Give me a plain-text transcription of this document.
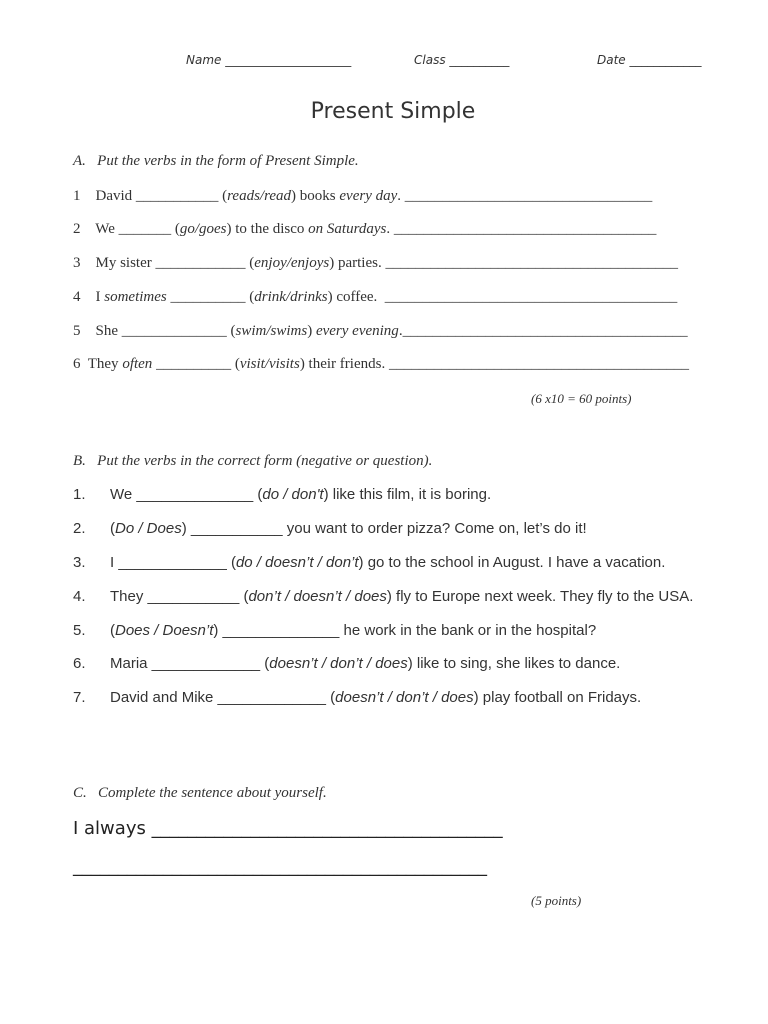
Name _____________________	Class __________	Date ____________
Present Simple
A. Put the verbs in the form of Present Simple.
1 David ___________ (reads/read) books every day. _________________________________
2 We _______ (go/goes) to the disco on Saturdays. ___________________________________
3 My sister ____________ (enjoy/enjoys) parties. _______________________________________
4 I sometimes __________ (drink/drinks) coffee.  _______________________________________
5 She ______________ (swim/swims) every evening.______________________________________
6 They often __________ (visit/visits) their friends. ________________________________________
(6 x10 = 60 points)
B. Put the verbs in the correct form (negative or question).
1. We ______________ (do / don't) like this film, it is boring.
2. (Do / Does) ___________ you want to order pizza? Come on, let’s do it!
3. I _____________ (do / doesn’t / don’t) go to the school in August. I have a vacation.
4. They ___________ (don’t / doesn’t / does) fly to Europe next week. They fly to the USA.
5. (Does / Doesn’t) ______________ he work in the bank or in the hospital?
6. Maria _____________ (doesn’t / don’t / does) like to sing, she likes to dance.
7. David and Mike _____________ (doesn’t / don’t / does) play football on Fridays.
C. Complete the sentence about yourself.
I always _______________________________________
______________________________________________
(5 points)
